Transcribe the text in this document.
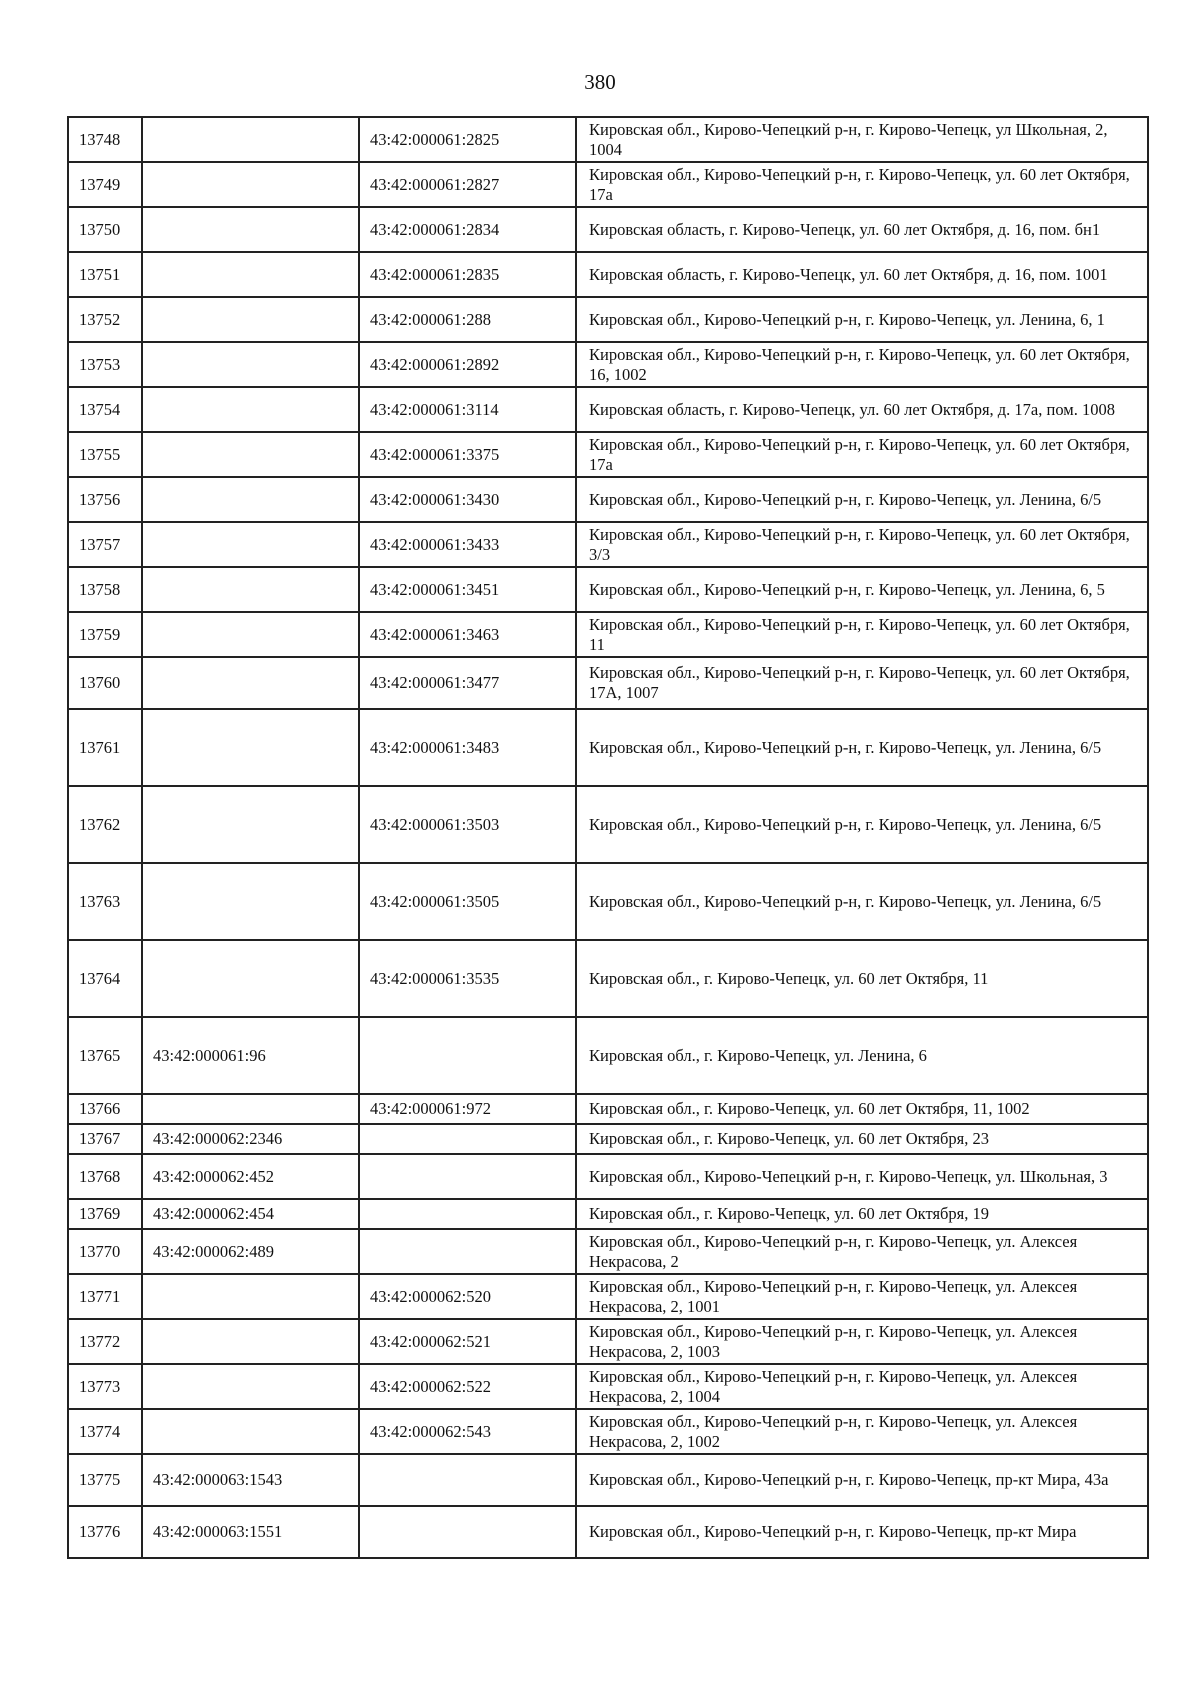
380
13748		43:42:000061:2825	Кировская обл., Кирово-Чепецкий р-н, г. Кирово-Чепецк, ул Школьная, 2, 1004
13749		43:42:000061:2827	Кировская обл., Кирово-Чепецкий р-н, г. Кирово-Чепецк, ул. 60 лет Октября, 17а
13750		43:42:000061:2834	Кировская область, г. Кирово-Чепецк, ул. 60 лет Октября, д. 16, пом. бн1
13751		43:42:000061:2835	Кировская область, г. Кирово-Чепецк, ул. 60 лет Октября, д. 16, пом. 1001
13752		43:42:000061:288	Кировская обл., Кирово-Чепецкий р-н, г. Кирово-Чепецк, ул. Ленина, 6, 1
13753		43:42:000061:2892	Кировская обл., Кирово-Чепецкий р-н, г. Кирово-Чепецк, ул. 60 лет Октября, 16, 1002
13754		43:42:000061:3114	Кировская область, г. Кирово-Чепецк, ул. 60 лет Октября, д. 17а, пом. 1008
13755		43:42:000061:3375	Кировская обл., Кирово-Чепецкий р-н, г. Кирово-Чепецк, ул. 60 лет Октября, 17а
13756		43:42:000061:3430	Кировская обл., Кирово-Чепецкий р-н, г. Кирово-Чепецк, ул. Ленина, 6/5
13757		43:42:000061:3433	Кировская обл., Кирово-Чепецкий р-н, г. Кирово-Чепецк, ул. 60 лет Октября, 3/3
13758		43:42:000061:3451	Кировская обл., Кирово-Чепецкий р-н, г. Кирово-Чепецк, ул. Ленина, 6, 5
13759		43:42:000061:3463	Кировская обл., Кирово-Чепецкий р-н, г. Кирово-Чепецк, ул. 60 лет Октября, 11
13760		43:42:000061:3477	Кировская обл., Кирово-Чепецкий р-н, г. Кирово-Чепецк, ул. 60 лет Октября, 17А, 1007
13761		43:42:000061:3483	Кировская обл., Кирово-Чепецкий р-н, г. Кирово-Чепецк, ул. Ленина, 6/5
13762		43:42:000061:3503	Кировская обл., Кирово-Чепецкий р-н, г. Кирово-Чепецк, ул. Ленина, 6/5
13763		43:42:000061:3505	Кировская обл., Кирово-Чепецкий р-н, г. Кирово-Чепецк, ул. Ленина, 6/5
13764		43:42:000061:3535	Кировская обл., г. Кирово-Чепецк, ул. 60 лет Октября, 11
13765	43:42:000061:96		Кировская обл., г. Кирово-Чепецк, ул. Ленина, 6
13766		43:42:000061:972	Кировская обл., г. Кирово-Чепецк, ул. 60 лет Октября, 11, 1002
13767	43:42:000062:2346		Кировская обл., г. Кирово-Чепецк, ул. 60 лет Октября, 23
13768	43:42:000062:452		Кировская обл., Кирово-Чепецкий р-н, г. Кирово-Чепецк, ул. Школьная, 3
13769	43:42:000062:454		Кировская обл., г. Кирово-Чепецк, ул. 60 лет Октября, 19
13770	43:42:000062:489		Кировская обл., Кирово-Чепецкий р-н, г. Кирово-Чепецк, ул. Алексея Некрасова, 2
13771		43:42:000062:520	Кировская обл., Кирово-Чепецкий р-н, г. Кирово-Чепецк, ул. Алексея Некрасова, 2, 1001
13772		43:42:000062:521	Кировская обл., Кирово-Чепецкий р-н, г. Кирово-Чепецк, ул. Алексея Некрасова, 2, 1003
13773		43:42:000062:522	Кировская обл., Кирово-Чепецкий р-н, г. Кирово-Чепецк, ул. Алексея Некрасова, 2, 1004
13774		43:42:000062:543	Кировская обл., Кирово-Чепецкий р-н, г. Кирово-Чепецк, ул. Алексея Некрасова, 2, 1002
13775	43:42:000063:1543		Кировская обл., Кирово-Чепецкий р-н, г. Кирово-Чепецк, пр-кт Мира, 43а
13776	43:42:000063:1551		Кировская обл., Кирово-Чепецкий р-н, г. Кирово-Чепецк, пр-кт Мира
